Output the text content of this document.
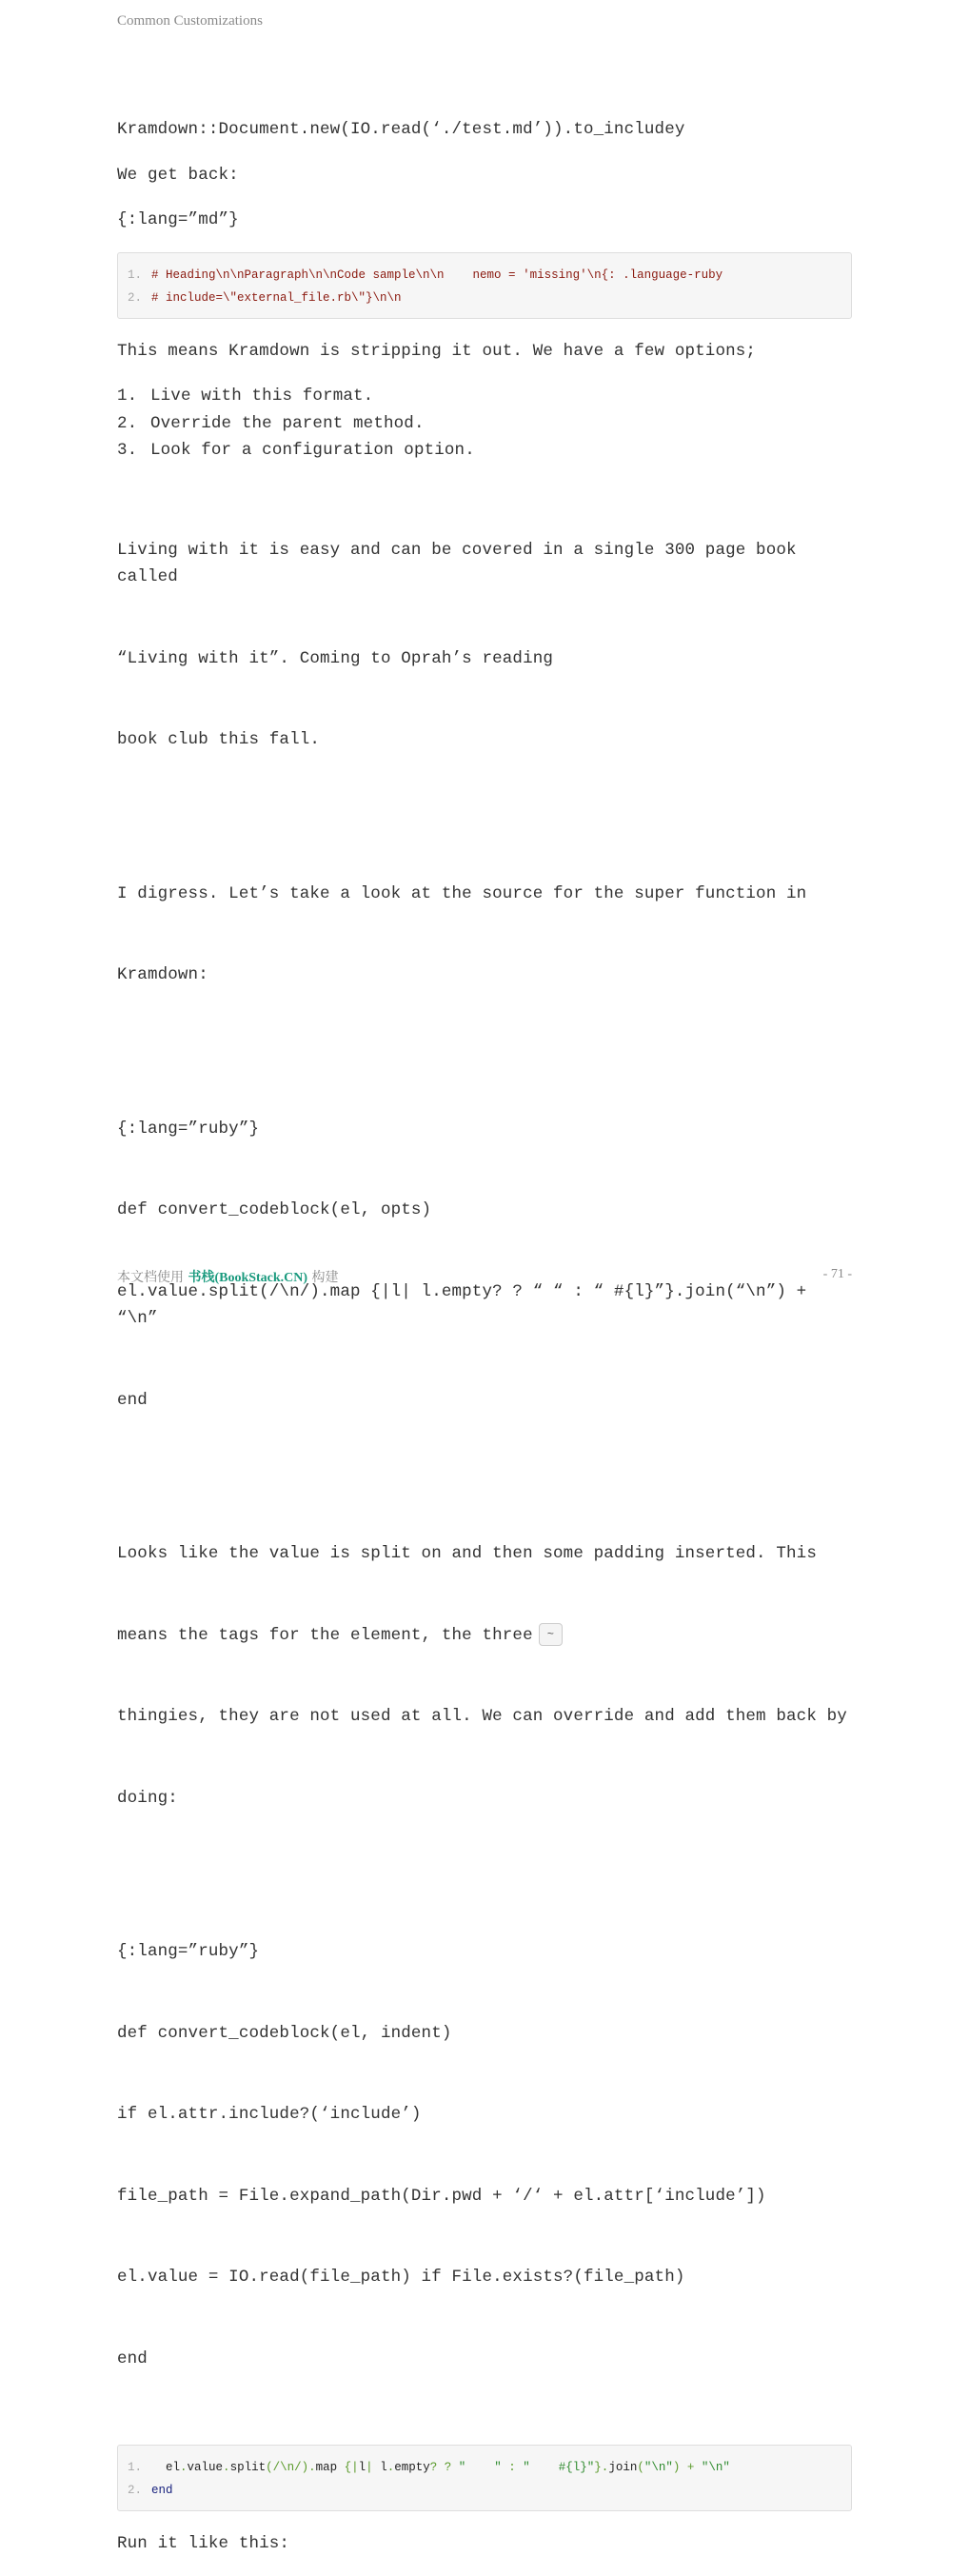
Common Customizations
Kramdown::Document.new(IO.read(‘./test.md’)).to_includey
We get back:
{:lang=”md”}
1. # Heading\n\nParagraph\n\nCode sample\n\n    nemo = 'missing'\n{: .language-ruby
2. # include=\"external_file.rb\"}\n\n
This means Kramdown is stripping it out. We have a few options;
1. Live with this format.
2. Override the parent method.
3. Look for a configuration option.

Living with it is easy and can be covered in a single 300 page book called

“Living with it”. Coming to Oprah’s reading

book club this fall.

I digress. Let’s take a look at the source for the super function in

Kramdown:

{:lang=”ruby”}

def convert_codeblock(el, opts)

el.value.split(/\n/).map {|l| l.empty? ? “ “ : “ #{l}”}.join(“\n”) + “\n”

end

Looks like the value is split on and then some padding inserted. This

means the tags for the element, the three ~

thingies, they are not used at all. We can override and add them back by

doing:

{:lang=”ruby”}

def convert_codeblock(el, indent)

if el.attr.include?(‘include’)

file_path = File.expand_path(Dir.pwd + ‘/‘ + el.attr[‘include’])

el.value = IO.read(file_path) if File.exists?(file_path)

end

1. el.value.split(/\n/).map {|l| l.empty? ? "    " : "    #{l}"}.join("\n") + "\n"
2. end
Run it like this:
本文档使用 书栈(BookStack.CN) 构建	- 71 -
